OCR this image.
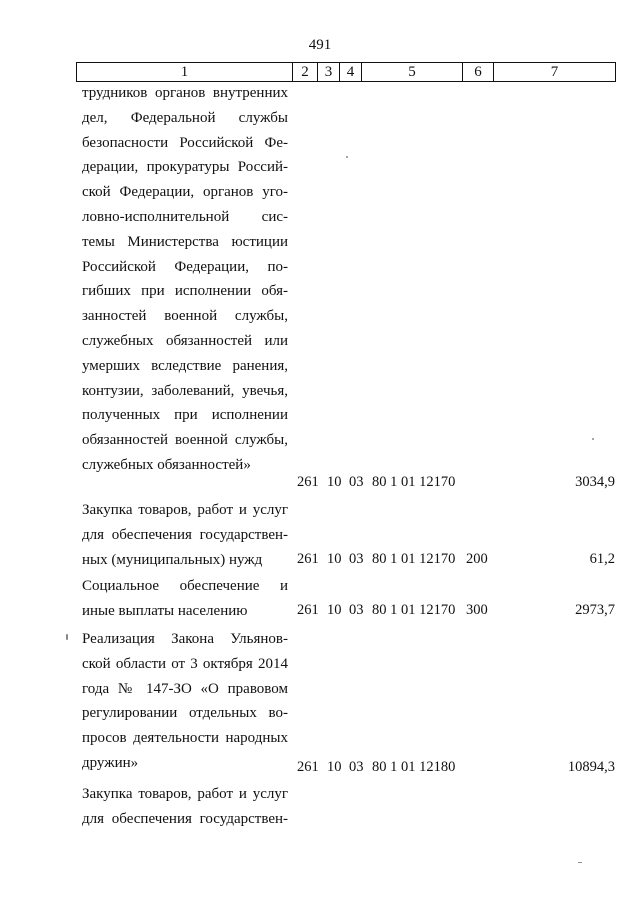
491
1	2	3 4	5	6	7
трудников органов внутренних
дел, Федеральной службы
безопасности Российской Фе-
дерации, прокуратуры Россий-
ской Федерации, органов уго-
ловно-исполнительной сис-
темы Министерства юстиции
Российской Федерации, по-
гибших при исполнении обя-
занностей военной службы,
служебных обязанностей или
умерших вследствие ранения,
контузии, заболеваний, увечья,
полученных при исполнении
обязанностей военной службы,
служебных обязанностей»
261 10 03 80 1 01 12170	3034,9
Закупка товаров, работ и услуг
для обеспечения государствен-
ных (муниципальных) нужд	261 10 03 80 1 01 12170 200	61,2
Социальное обеспечение и
иные выплаты населению	261 10 03 80 1 01 12170 300	2973,7
Реализация Закона Ульянов-
ской области от 3 октября 2014
года № 147-ЗО «О правовом
регулировании отдельных во-
просов деятельности народных
дружин»	261 10 03 80 1 01 12180	10894,3
Закупка товаров, работ и услуг
для обеспечения государствен-
